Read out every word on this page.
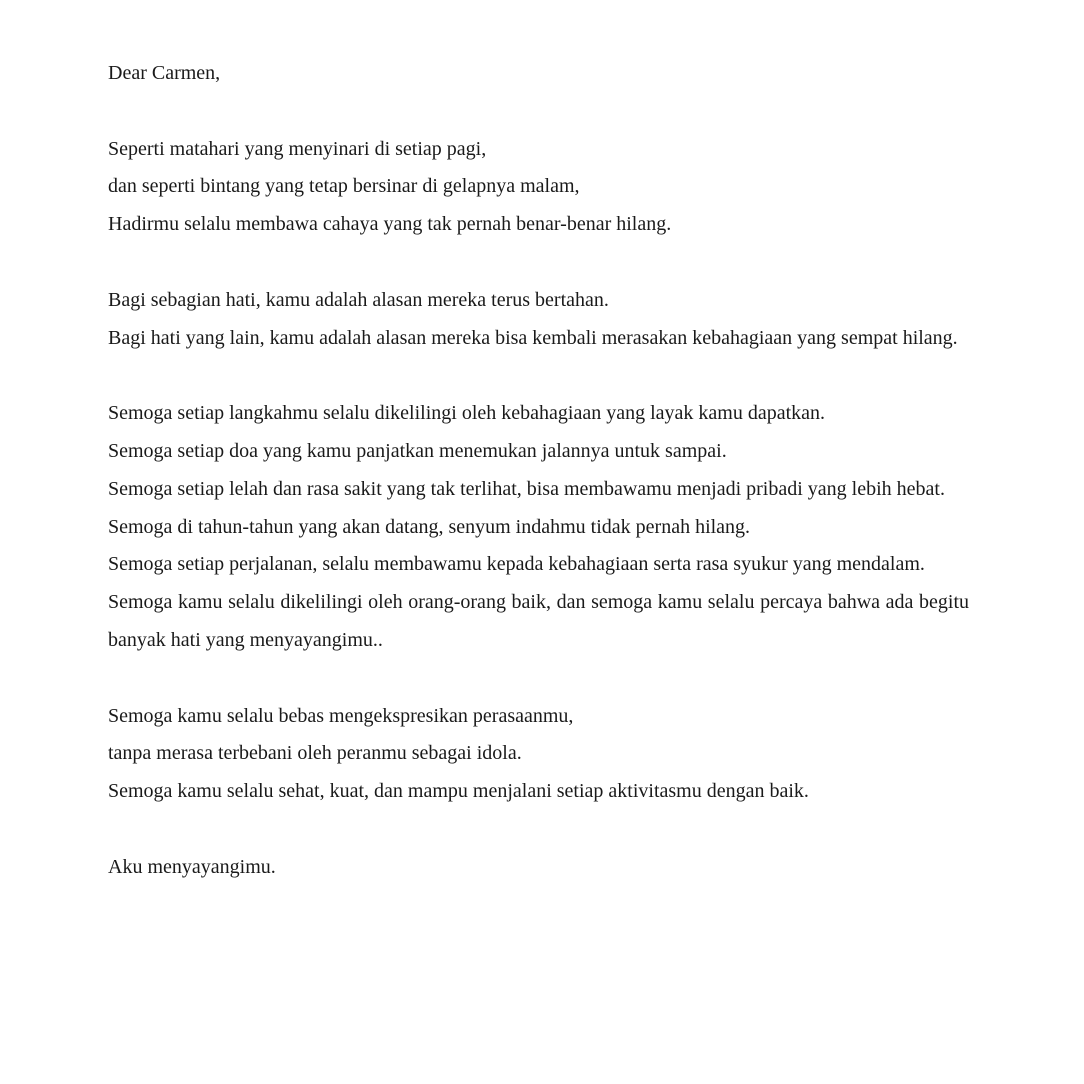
Dear Carmen,

Seperti matahari yang menyinari di setiap pagi,

dan seperti bintang yang tetap bersinar di gelapnya malam,

Hadirmu selalu membawa cahaya yang tak pernah benar-benar hilang.

Bagi sebagian hati, kamu adalah alasan mereka terus bertahan.

Bagi hati yang lain, kamu adalah alasan mereka bisa kembali merasakan kebahagiaan yang sempat hilang.

Semoga setiap langkahmu selalu dikelilingi oleh kebahagiaan yang layak kamu dapatkan.

Semoga setiap doa yang kamu panjatkan menemukan jalannya untuk sampai.

Semoga setiap lelah dan rasa sakit yang tak terlihat, bisa membawamu menjadi pribadi yang lebih hebat.

Semoga di tahun-tahun yang akan datang, senyum indahmu tidak pernah hilang.

Semoga setiap perjalanan, selalu membawamu kepada kebahagiaan serta rasa syukur yang mendalam.

Semoga kamu selalu dikelilingi oleh orang-orang baik, dan semoga kamu selalu percaya bahwa ada begitu banyak hati yang menyayangimu..

Semoga kamu selalu bebas mengekspresikan perasaanmu,

tanpa merasa terbebani oleh peranmu sebagai idola.

Semoga kamu selalu sehat, kuat, dan mampu menjalani setiap aktivitasmu dengan baik.

Aku menyayangimu.
